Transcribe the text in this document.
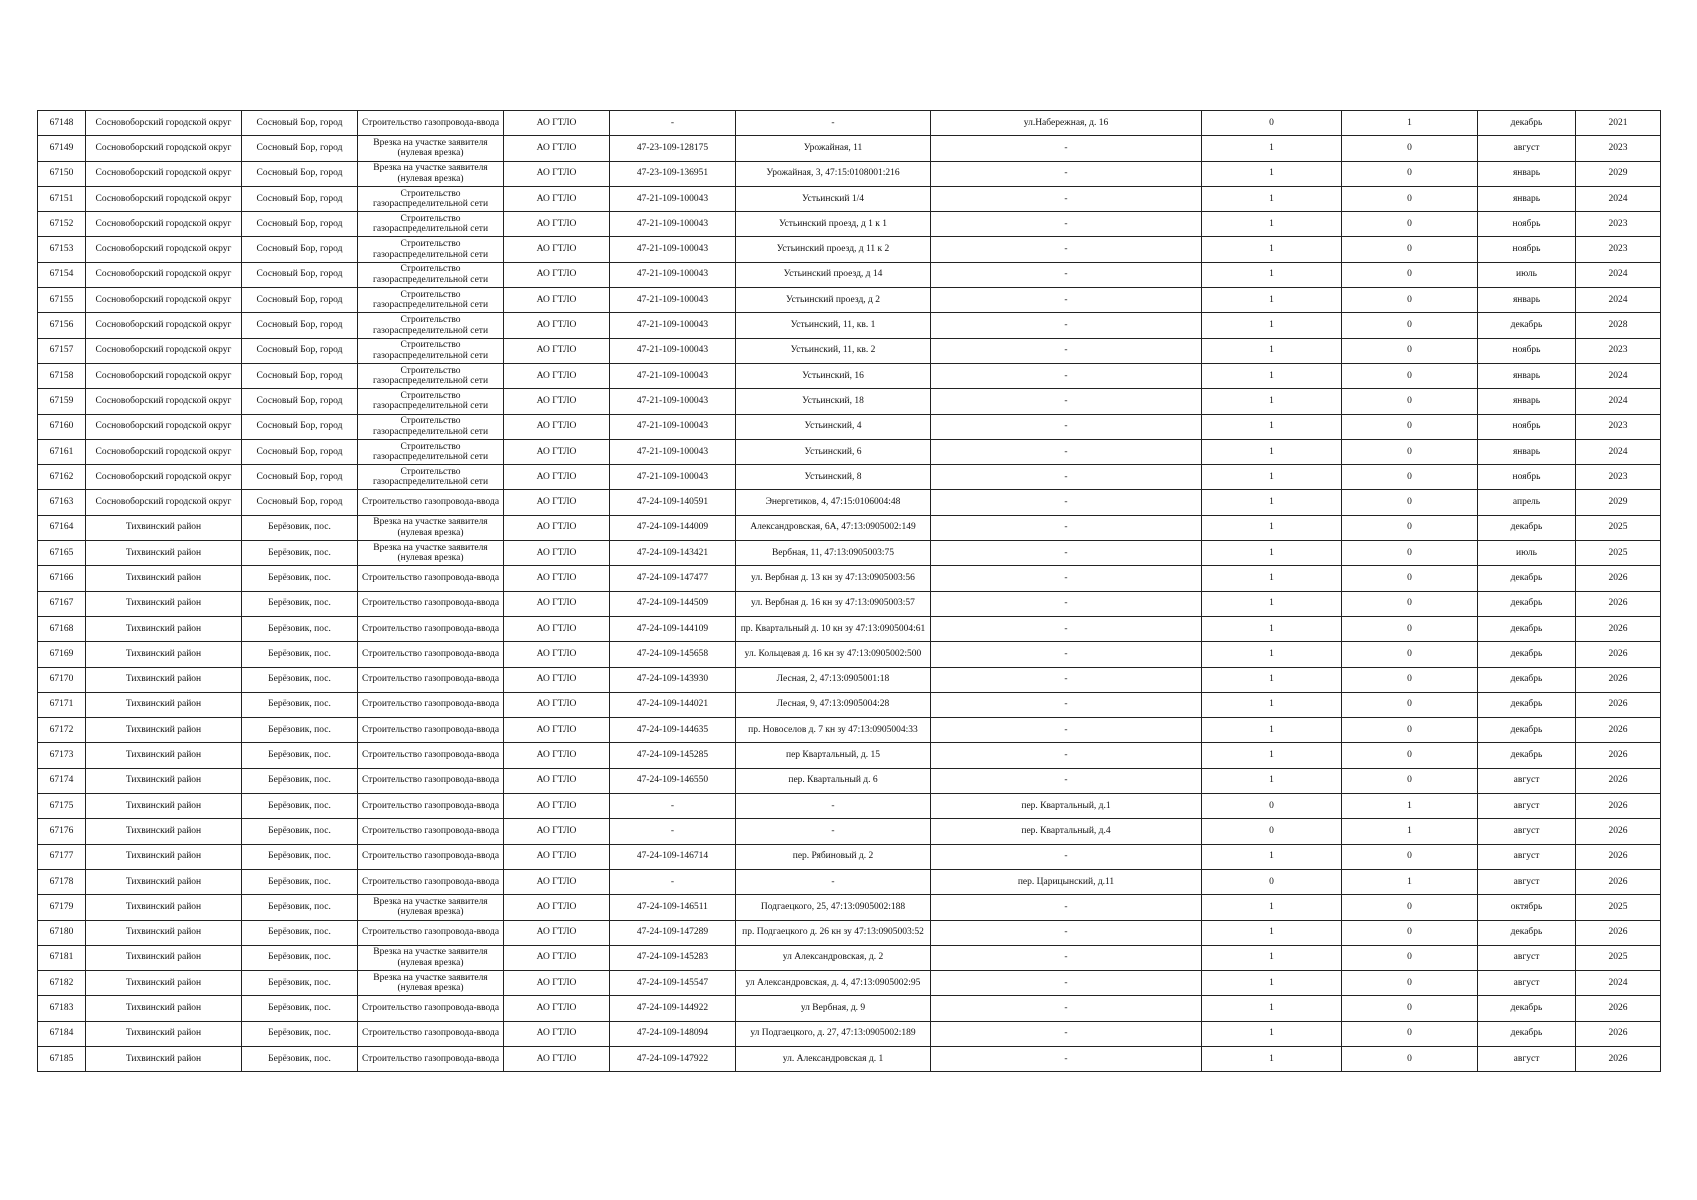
67148	Сосновоборский городской округ	Сосновый Бор, город	Строительство газопровода-ввода	АО ГТЛО	-	-	ул.Набережная, д. 16	0	1	декабрь	2021
67149	Сосновоборский городской округ	Сосновый Бор, город	Врезка на участке заявителя (нулевая врезка)	АО ГТЛО	47-23-109-128175	Урожайная, 11	-	1	0	август	2023
67150	Сосновоборский городской округ	Сосновый Бор, город	Врезка на участке заявителя (нулевая врезка)	АО ГТЛО	47-23-109-136951	Урожайная, 3, 47:15:0108001:216	-	1	0	январь	2029
67151	Сосновоборский городской округ	Сосновый Бор, город	Строительство газораспределительной сети	АО ГТЛО	47-21-109-100043	Устьинский 1/4	-	1	0	январь	2024
67152	Сосновоборский городской округ	Сосновый Бор, город	Строительство газораспределительной сети	АО ГТЛО	47-21-109-100043	Устьинский проезд, д 1 к 1	-	1	0	ноябрь	2023
67153	Сосновоборский городской округ	Сосновый Бор, город	Строительство газораспределительной сети	АО ГТЛО	47-21-109-100043	Устьинский проезд, д 11 к 2	-	1	0	ноябрь	2023
67154	Сосновоборский городской округ	Сосновый Бор, город	Строительство газораспределительной сети	АО ГТЛО	47-21-109-100043	Устьинский проезд, д 14	-	1	0	июль	2024
67155	Сосновоборский городской округ	Сосновый Бор, город	Строительство газораспределительной сети	АО ГТЛО	47-21-109-100043	Устьинский проезд, д 2	-	1	0	январь	2024
67156	Сосновоборский городской округ	Сосновый Бор, город	Строительство газораспределительной сети	АО ГТЛО	47-21-109-100043	Устьинский, 11, кв. 1	-	1	0	декабрь	2028
67157	Сосновоборский городской округ	Сосновый Бор, город	Строительство газораспределительной сети	АО ГТЛО	47-21-109-100043	Устьинский, 11, кв. 2	-	1	0	ноябрь	2023
67158	Сосновоборский городской округ	Сосновый Бор, город	Строительство газораспределительной сети	АО ГТЛО	47-21-109-100043	Устьинский, 16	-	1	0	январь	2024
67159	Сосновоборский городской округ	Сосновый Бор, город	Строительство газораспределительной сети	АО ГТЛО	47-21-109-100043	Устьинский, 18	-	1	0	январь	2024
67160	Сосновоборский городской округ	Сосновый Бор, город	Строительство газораспределительной сети	АО ГТЛО	47-21-109-100043	Устьинский, 4	-	1	0	ноябрь	2023
67161	Сосновоборский городской округ	Сосновый Бор, город	Строительство газораспределительной сети	АО ГТЛО	47-21-109-100043	Устьинский, 6	-	1	0	январь	2024
67162	Сосновоборский городской округ	Сосновый Бор, город	Строительство газораспределительной сети	АО ГТЛО	47-21-109-100043	Устьинский, 8	-	1	0	ноябрь	2023
67163	Сосновоборский городской округ	Сосновый Бор, город	Строительство газопровода-ввода	АО ГТЛО	47-24-109-140591	Энергетиков, 4, 47:15:0106004:48	-	1	0	апрель	2029
67164	Тихвинский район	Берёзовик, пос.	Врезка на участке заявителя (нулевая врезка)	АО ГТЛО	47-24-109-144009	Александровская, 6А, 47:13:0905002:149	-	1	0	декабрь	2025
67165	Тихвинский район	Берёзовик, пос.	Врезка на участке заявителя (нулевая врезка)	АО ГТЛО	47-24-109-143421	Вербная, 11, 47:13:0905003:75	-	1	0	июль	2025
67166	Тихвинский район	Берёзовик, пос.	Строительство газопровода-ввода	АО ГТЛО	47-24-109-147477	ул. Вербная д. 13 кн зу 47:13:0905003:56	-	1	0	декабрь	2026
67167	Тихвинский район	Берёзовик, пос.	Строительство газопровода-ввода	АО ГТЛО	47-24-109-144509	ул. Вербная д. 16 кн зу 47:13:0905003:57	-	1	0	декабрь	2026
67168	Тихвинский район	Берёзовик, пос.	Строительство газопровода-ввода	АО ГТЛО	47-24-109-144109	пр. Квартальный д. 10 кн зу 47:13:0905004:61	-	1	0	декабрь	2026
67169	Тихвинский район	Берёзовик, пос.	Строительство газопровода-ввода	АО ГТЛО	47-24-109-145658	ул. Кольцевая д. 16 кн зу 47:13:0905002:500	-	1	0	декабрь	2026
67170	Тихвинский район	Берёзовик, пос.	Строительство газопровода-ввода	АО ГТЛО	47-24-109-143930	Лесная, 2, 47:13:0905001:18	-	1	0	декабрь	2026
67171	Тихвинский район	Берёзовик, пос.	Строительство газопровода-ввода	АО ГТЛО	47-24-109-144021	Лесная, 9, 47:13:0905004:28	-	1	0	декабрь	2026
67172	Тихвинский район	Берёзовик, пос.	Строительство газопровода-ввода	АО ГТЛО	47-24-109-144635	пр. Новоселов д. 7 кн зу 47:13:0905004:33	-	1	0	декабрь	2026
67173	Тихвинский район	Берёзовик, пос.	Строительство газопровода-ввода	АО ГТЛО	47-24-109-145285	пер Квартальный, д. 15	-	1	0	декабрь	2026
67174	Тихвинский район	Берёзовик, пос.	Строительство газопровода-ввода	АО ГТЛО	47-24-109-146550	пер. Квартальный д. 6	-	1	0	август	2026
67175	Тихвинский район	Берёзовик, пос.	Строительство газопровода-ввода	АО ГТЛО	-	-	пер. Квартальный, д.1	0	1	август	2026
67176	Тихвинский район	Берёзовик, пос.	Строительство газопровода-ввода	АО ГТЛО	-	-	пер. Квартальный, д.4	0	1	август	2026
67177	Тихвинский район	Берёзовик, пос.	Строительство газопровода-ввода	АО ГТЛО	47-24-109-146714	пер. Рябиновый д. 2	-	1	0	август	2026
67178	Тихвинский район	Берёзовик, пос.	Строительство газопровода-ввода	АО ГТЛО	-	-	пер. Царицынский, д.11	0	1	август	2026
67179	Тихвинский район	Берёзовик, пос.	Врезка на участке заявителя (нулевая врезка)	АО ГТЛО	47-24-109-146511	Подгаецкого, 25, 47:13:0905002:188	-	1	0	октябрь	2025
67180	Тихвинский район	Берёзовик, пос.	Строительство газопровода-ввода	АО ГТЛО	47-24-109-147289	пр. Подгаецкого д. 26 кн зу 47:13:0905003:52	-	1	0	декабрь	2026
67181	Тихвинский район	Берёзовик, пос.	Врезка на участке заявителя (нулевая врезка)	АО ГТЛО	47-24-109-145283	ул Александровская, д. 2	-	1	0	август	2025
67182	Тихвинский район	Берёзовик, пос.	Врезка на участке заявителя (нулевая врезка)	АО ГТЛО	47-24-109-145547	ул Александровская, д. 4, 47:13:0905002:95	-	1	0	август	2024
67183	Тихвинский район	Берёзовик, пос.	Строительство газопровода-ввода	АО ГТЛО	47-24-109-144922	ул Вербная, д. 9	-	1	0	декабрь	2026
67184	Тихвинский район	Берёзовик, пос.	Строительство газопровода-ввода	АО ГТЛО	47-24-109-148094	ул Подгаецкого, д. 27, 47:13:0905002:189	-	1	0	декабрь	2026
67185	Тихвинский район	Берёзовик, пос.	Строительство газопровода-ввода	АО ГТЛО	47-24-109-147922	ул. Александровская д. 1	-	1	0	август	2026
